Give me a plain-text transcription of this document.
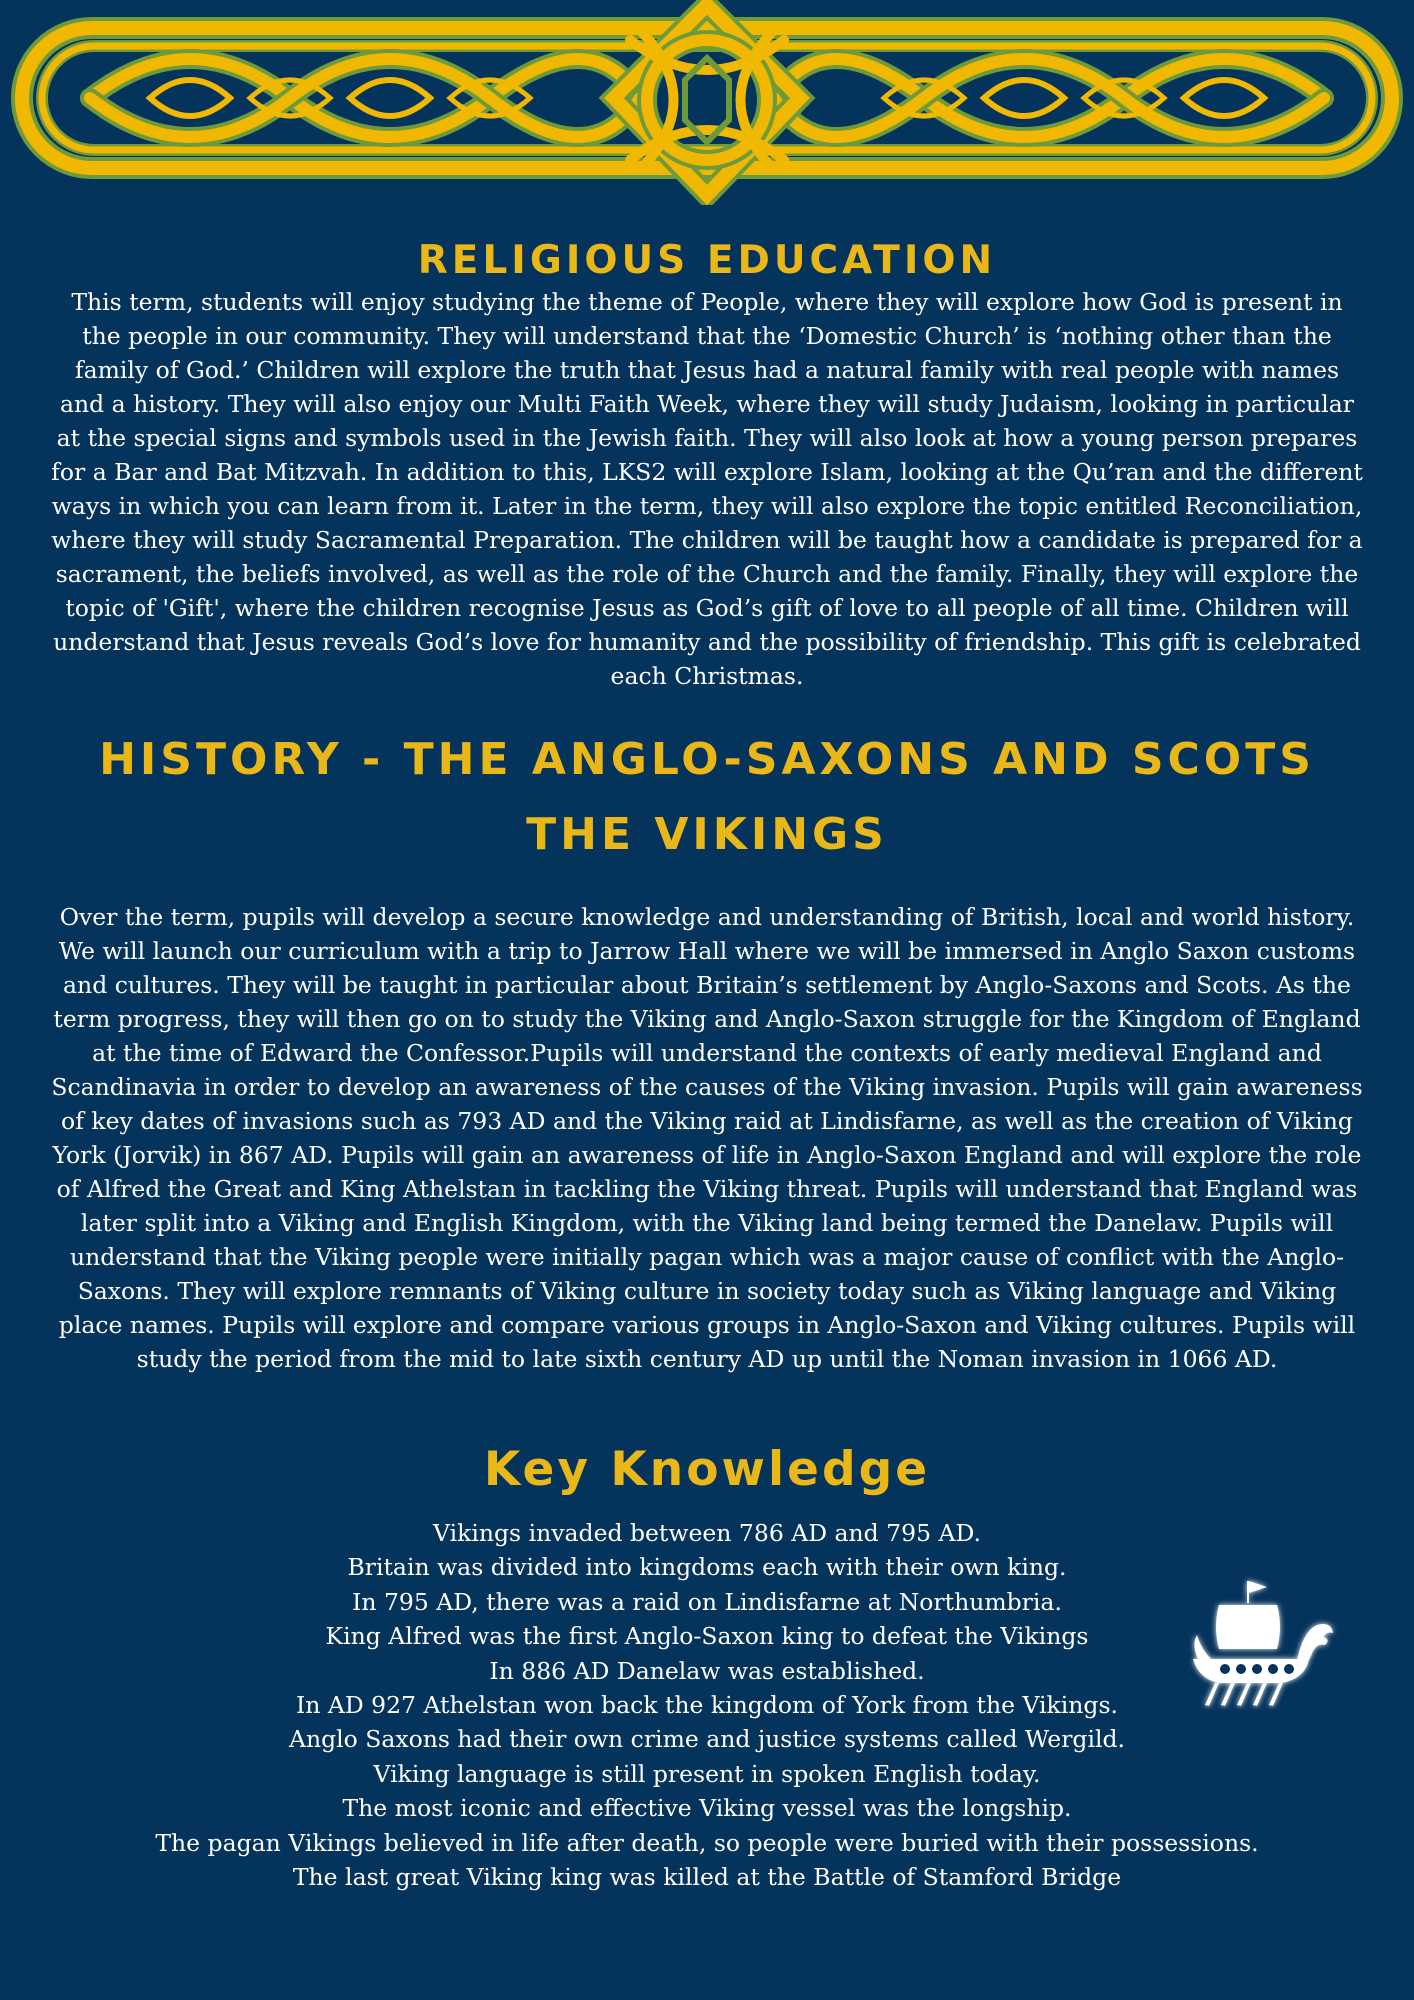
RELIGIOUS EDUCATION

This term, students will enjoy studying the theme of People, where they will explore how God is present in the people in our community. They will understand that the ‘Domestic Church’ is ‘nothing other than the family of God.’ Children will explore the truth that Jesus had a natural family with real people with names and a history. They will also enjoy our Multi Faith Week, where they will study Judaism, looking in particular at the special signs and symbols used in the Jewish faith. They will also look at how a young person prepares for a Bar and Bat Mitzvah. In addition to this, LKS2 will explore Islam, looking at the Qu’ran and the different ways in which you can learn from it. Later in the term, they will also explore the topic entitled Reconciliation, where they will study Sacramental Preparation. The children will be taught how a candidate is prepared for a sacrament, the beliefs involved, as well as the role of the Church and the family. Finally, they will explore the topic of 'Gift', where the children recognise Jesus as God’s gift of love to all people of all time. Children will understand that Jesus reveals God’s love for humanity and the possibility of friendship. This gift is celebrated each Christmas.

HISTORY - THE ANGLO-SAXONS AND SCOTS
THE VIKINGS

Over the term, pupils will develop a secure knowledge and understanding of British, local and world history. We will launch our curriculum with a trip to Jarrow Hall where we will be immersed in Anglo Saxon customs and cultures. They will be taught in particular about Britain’s settlement by Anglo-Saxons and Scots. As the term progress, they will then go on to study the Viking and Anglo-Saxon struggle for the Kingdom of England at the time of Edward the Confessor.Pupils will understand the contexts of early medieval England and Scandinavia in order to develop an awareness of the causes of the Viking invasion. Pupils will gain awareness of key dates of invasions such as 793 AD and the Viking raid at Lindisfarne, as well as the creation of Viking York (Jorvik) in 867 AD. Pupils will gain an awareness of life in Anglo-Saxon England and will explore the role of Alfred the Great and King Athelstan in tackling the Viking threat. Pupils will understand that England was later split into a Viking and English Kingdom, with the Viking land being termed the Danelaw. Pupils will understand that the Viking people were initially pagan which was a major cause of conflict with the Anglo-Saxons. They will explore remnants of Viking culture in society today such as Viking language and Viking place names. Pupils will explore and compare various groups in Anglo-Saxon and Viking cultures. Pupils will study the period from the mid to late sixth century AD up until the Noman invasion in 1066 AD.

Key Knowledge
Vikings invaded between 786 AD and 795 AD.
Britain was divided into kingdoms each with their own king.
In 795 AD, there was a raid on Lindisfarne at Northumbria.
King Alfred was the first Anglo-Saxon king to defeat the Vikings
In 886 AD Danelaw was established.
In AD 927 Athelstan won back the kingdom of York from the Vikings.
Anglo Saxons had their own crime and justice systems called Wergild.
Viking language is still present in spoken English today.
The most iconic and effective Viking vessel was the longship.
The pagan Vikings believed in life after death, so people were buried with their possessions.
The last great Viking king was killed at the Battle of Stamford Bridge
